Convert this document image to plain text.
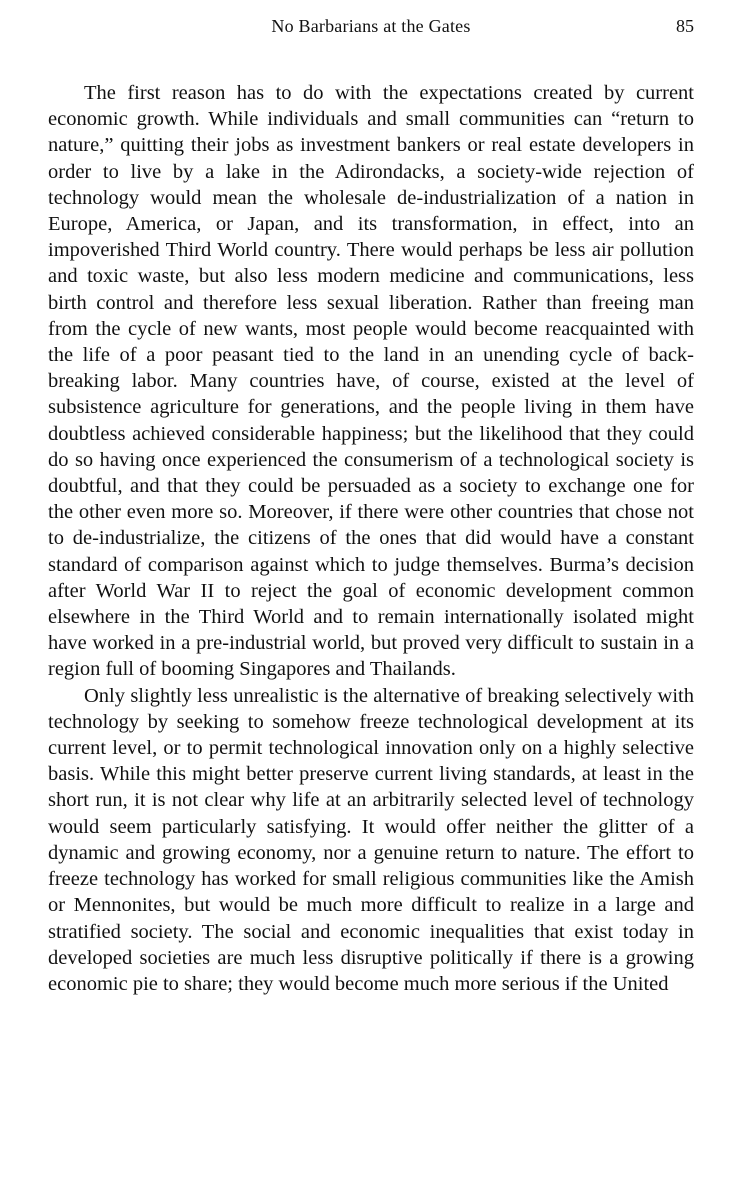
No Barbarians at the Gates	85

The first reason has to do with the expectations created by current economic growth. While individuals and small communities can “return to nature,” quitting their jobs as investment bankers or real estate developers in order to live by a lake in the Adirondacks, a society-wide rejection of technology would mean the wholesale de-industrialization of a nation in Europe, America, or Japan, and its transformation, in effect, into an impoverished Third World country. There would perhaps be less air pollution and toxic waste, but also less modern medicine and communications, less birth control and therefore less sexual liberation. Rather than freeing man from the cycle of new wants, most people would become reacquainted with the life of a poor peasant tied to the land in an unending cycle of back-breaking labor. Many countries have, of course, existed at the level of subsistence agriculture for generations, and the people living in them have doubtless achieved considerable happiness; but the likelihood that they could do so having once experienced the consumerism of a technological society is doubtful, and that they could be persuaded as a society to exchange one for the other even more so. Moreover, if there were other countries that chose not to de-industrialize, the citizens of the ones that did would have a constant standard of comparison against which to judge themselves. Burma’s decision after World War II to reject the goal of economic development common elsewhere in the Third World and to remain internationally isolated might have worked in a pre-industrial world, but proved very difficult to sustain in a region full of booming Singapores and Thailands.

Only slightly less unrealistic is the alternative of breaking selectively with technology by seeking to somehow freeze technological development at its current level, or to permit technological innovation only on a highly selective basis. While this might better preserve current living standards, at least in the short run, it is not clear why life at an arbitrarily selected level of technology would seem particularly satisfying. It would offer neither the glitter of a dynamic and growing economy, nor a genuine return to nature. The effort to freeze technology has worked for small religious communities like the Amish or Mennonites, but would be much more difficult to realize in a large and stratified society. The social and economic inequalities that exist today in developed societies are much less disruptive politically if there is a growing economic pie to share; they would become much more serious if the United
